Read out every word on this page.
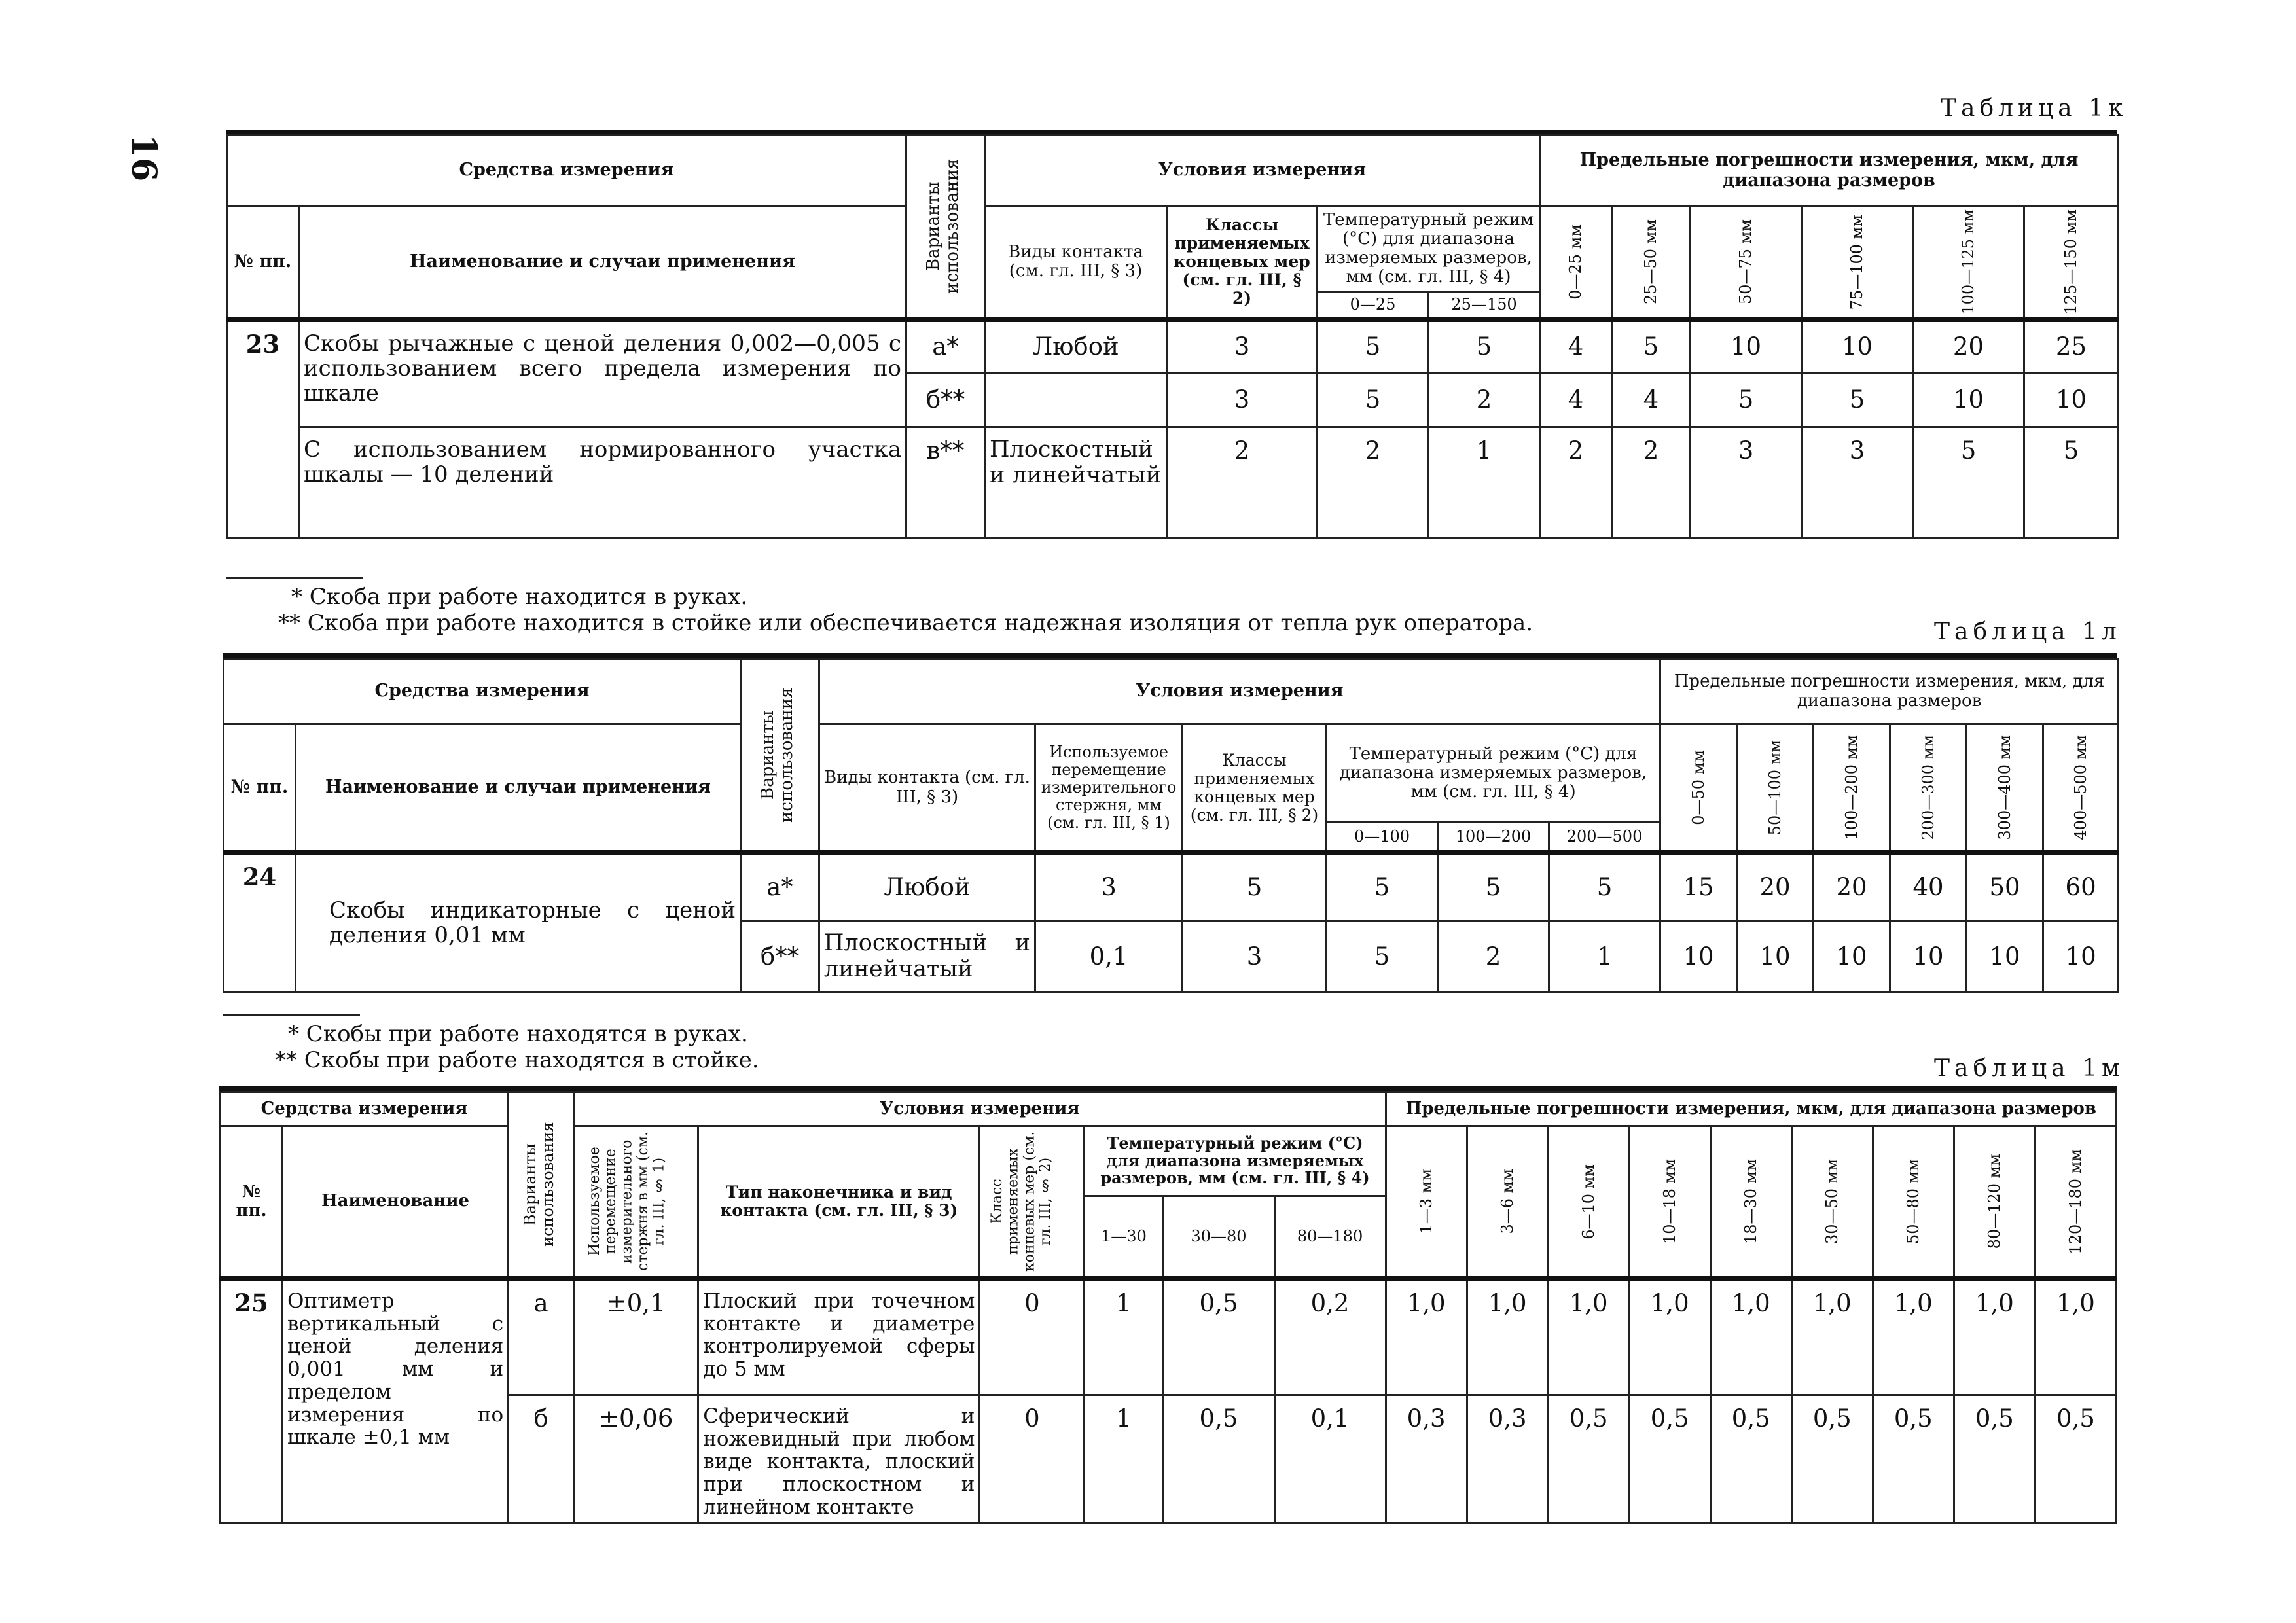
16
Таблица 1к
Средства измерения		Варианты использования	Условия измерения				Предельные погрешности измерения, мкм, для диапазона размеров					
№ пп.	Наименование и случаи применения		Виды контакта (см. гл. III, § 3)	Классы применяемых концевых мер (см. гл. III, § 2)	Температурный режим (°С) для диапазона измеряемых размеров, мм (см. гл. III, § 4)		0—25 мм	25—50 мм	50—75 мм	75—100 мм	100—125 мм	125—150 мм

					0—25	25—150						
23	Скобы рычажные с ценой деления 0,002—0,005 с использованием всего предела измерения по шкале	а*	Любой	3	5	5	4	5	10	10	20	25
		б**		3	5	2	4	4	5	5	10	10
	С использованием нормированного участка шкалы — 10 делений	в**	Плоскостный и линейчатый	2	2	1	2	2	3	3	5	5
* Скоба при работе находится в руках.
** Скоба при работе находится в стойке или обеспечивается надежная изоляция от тепла рук оператора.	Таблица 1л
Средства измерения		Варианты использования	Условия измерения						Предельные погрешности измерения, мкм, для диапазона размеров					
№ пп.	Наименование и случаи применения		Виды контакта (см. гл. III, § 3)	Используемое перемещение измерительного стержня, мм (см. гл. III, § 1)	Классы применяемых концевых мер (см. гл. III, § 2)	Температурный режим (°С) для диапазона измеряемых размеров, мм (см. гл. III, § 4)			0—50 мм	50—100 мм	100—200 мм	200—300 мм	300—400 мм	400—500 мм

						0—100	100—200	200—500						
24	Скобы индикаторные с ценой деления 0,01 мм	а*	Любой	3	5	5	5	5	15	20	20	40	50	60
		б**	Плоскостный и линейчатый	0,1	3	5	2	1	10	10	10	10	10	10
* Скобы при работе находятся в руках.
** Скобы при работе находятся в стойке.	Таблица 1м
Сердства измерения		Варианты использования	Условия измерения						Предельные погрешности измерения, мкм, для диапазона размеров								
№ пп.	Наименование		Используемое перемещение измерительного стержня в мм (см. гл. III, § 1)	Тип наконечника и вид контакта (см. гл. III, § 3)	Класс применяемых концевых мер (см. гл. III, § 2)	Температурный режим (°С) для диапазона измеряемых размеров, мм (см. гл. III, § 4)			1—3 мм	3—6 мм	6—10 мм	10—18 мм	18—30 мм	30—50 мм	50—80 мм	80—120 мм	120—180 мм

						1—30	30—80	80—180									
25	Оптиметр вертикальный с ценой деления 0,001 мм и пределом измерения по шкале ±0,1 мм	а	±0,1	Плоский при точечном контакте и диаметре контролируемой сферы до 5 мм	0	1	0,5	0,2	1,0	1,0	1,0	1,0	1,0	1,0	1,0	1,0	1,0
		б	±0,06	Сферический и ножевидный при любом виде контакта, плоский при плоскостном и линейном контакте	0	1	0,5	0,1	0,3	0,3	0,5	0,5	0,5	0,5	0,5	0,5	0,5
